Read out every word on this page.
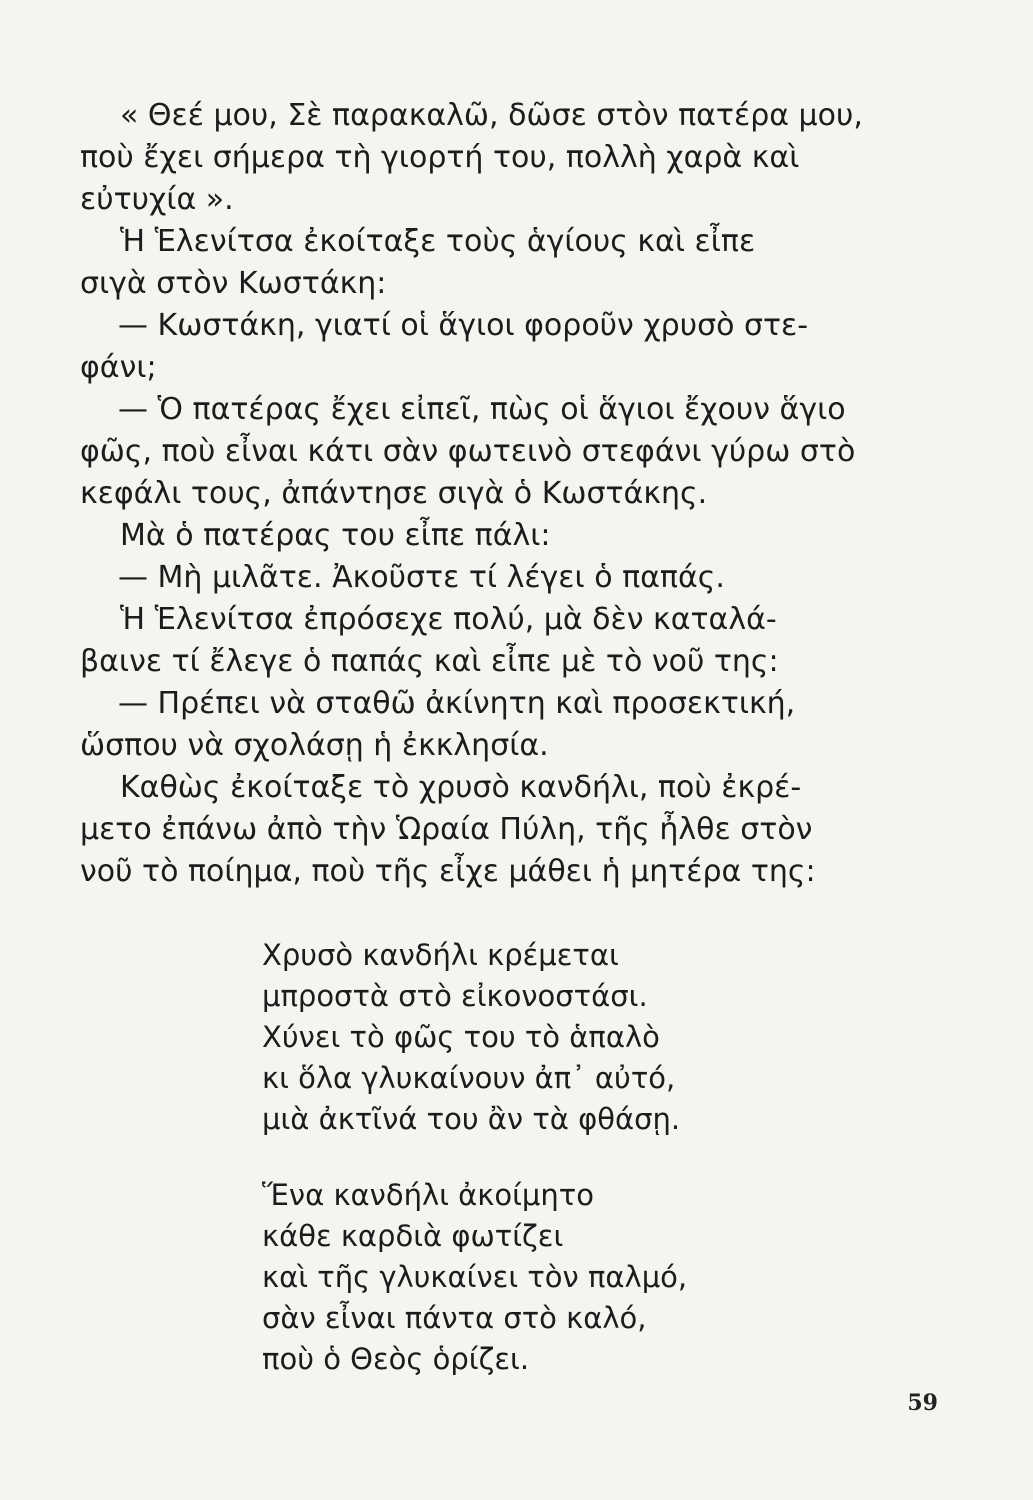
« Θεέ μου, Σὲ παρακαλῶ, δῶσε στὸν πατέρα μου,
ποὺ ἔχει σήμερα τὴ γιορτή του, πολλὴ χαρὰ καὶ
εὐτυχία ».
Ἡ Ἑλενίτσα ἐκοίταξε τοὺς ἁγίους καὶ εἶπε
σιγὰ στὸν Κωστάκη:
— Κωστάκη, γιατί οἱ ἅγιοι φοροῦν χρυσὸ στε-
φάνι;
— Ὁ πατέρας ἔχει εἰπεῖ, πὼς οἱ ἅγιοι ἔχουν ἅγιο
φῶς, ποὺ εἶναι κάτι σὰν φωτεινὸ στεφάνι γύρω στὸ
κεφάλι τους, ἀπάντησε σιγὰ ὁ Κωστάκης.
Μὰ ὁ πατέρας του εἶπε πάλι:
— Μὴ μιλᾶτε. Ἀκοῦστε τί λέγει ὁ παπάς.
Ἡ Ἑλενίτσα ἐπρόσεχε πολύ, μὰ δὲν καταλά-
βαινε τί ἔλεγε ὁ παπάς καὶ εἶπε μὲ τὸ νοῦ της:
— Πρέπει νὰ σταθῶ ἀκίνητη καὶ προσεκτική,
ὥσπου νὰ σχολάσῃ ἡ ἐκκλησία.
Καθὼς ἐκοίταξε τὸ χρυσὸ κανδήλι, ποὺ ἐκρέ-
μετο ἐπάνω ἀπὸ τὴν Ὡραία Πύλη, τῆς ἦλθε στὸν
νοῦ τὸ ποίημα, ποὺ τῆς εἶχε μάθει ἡ μητέρα της:
Χρυσὸ κανδήλι κρέμεται
μπροστὰ στὸ εἰκονοστάσι.
Χύνει τὸ φῶς του τὸ ἁπαλὸ
κι ὅλα γλυκαίνουν ἀπ᾽ αὐτό,
μιὰ ἀκτῖνά του ἂν τὰ φθάσῃ.
Ἕνα κανδήλι ἀκοίμητο
κάθε καρδιὰ φωτίζει
καὶ τῆς γλυκαίνει τὸν παλμό,
σὰν εἶναι πάντα στὸ καλό,
ποὺ ὁ Θεὸς ὁρίζει.
59
